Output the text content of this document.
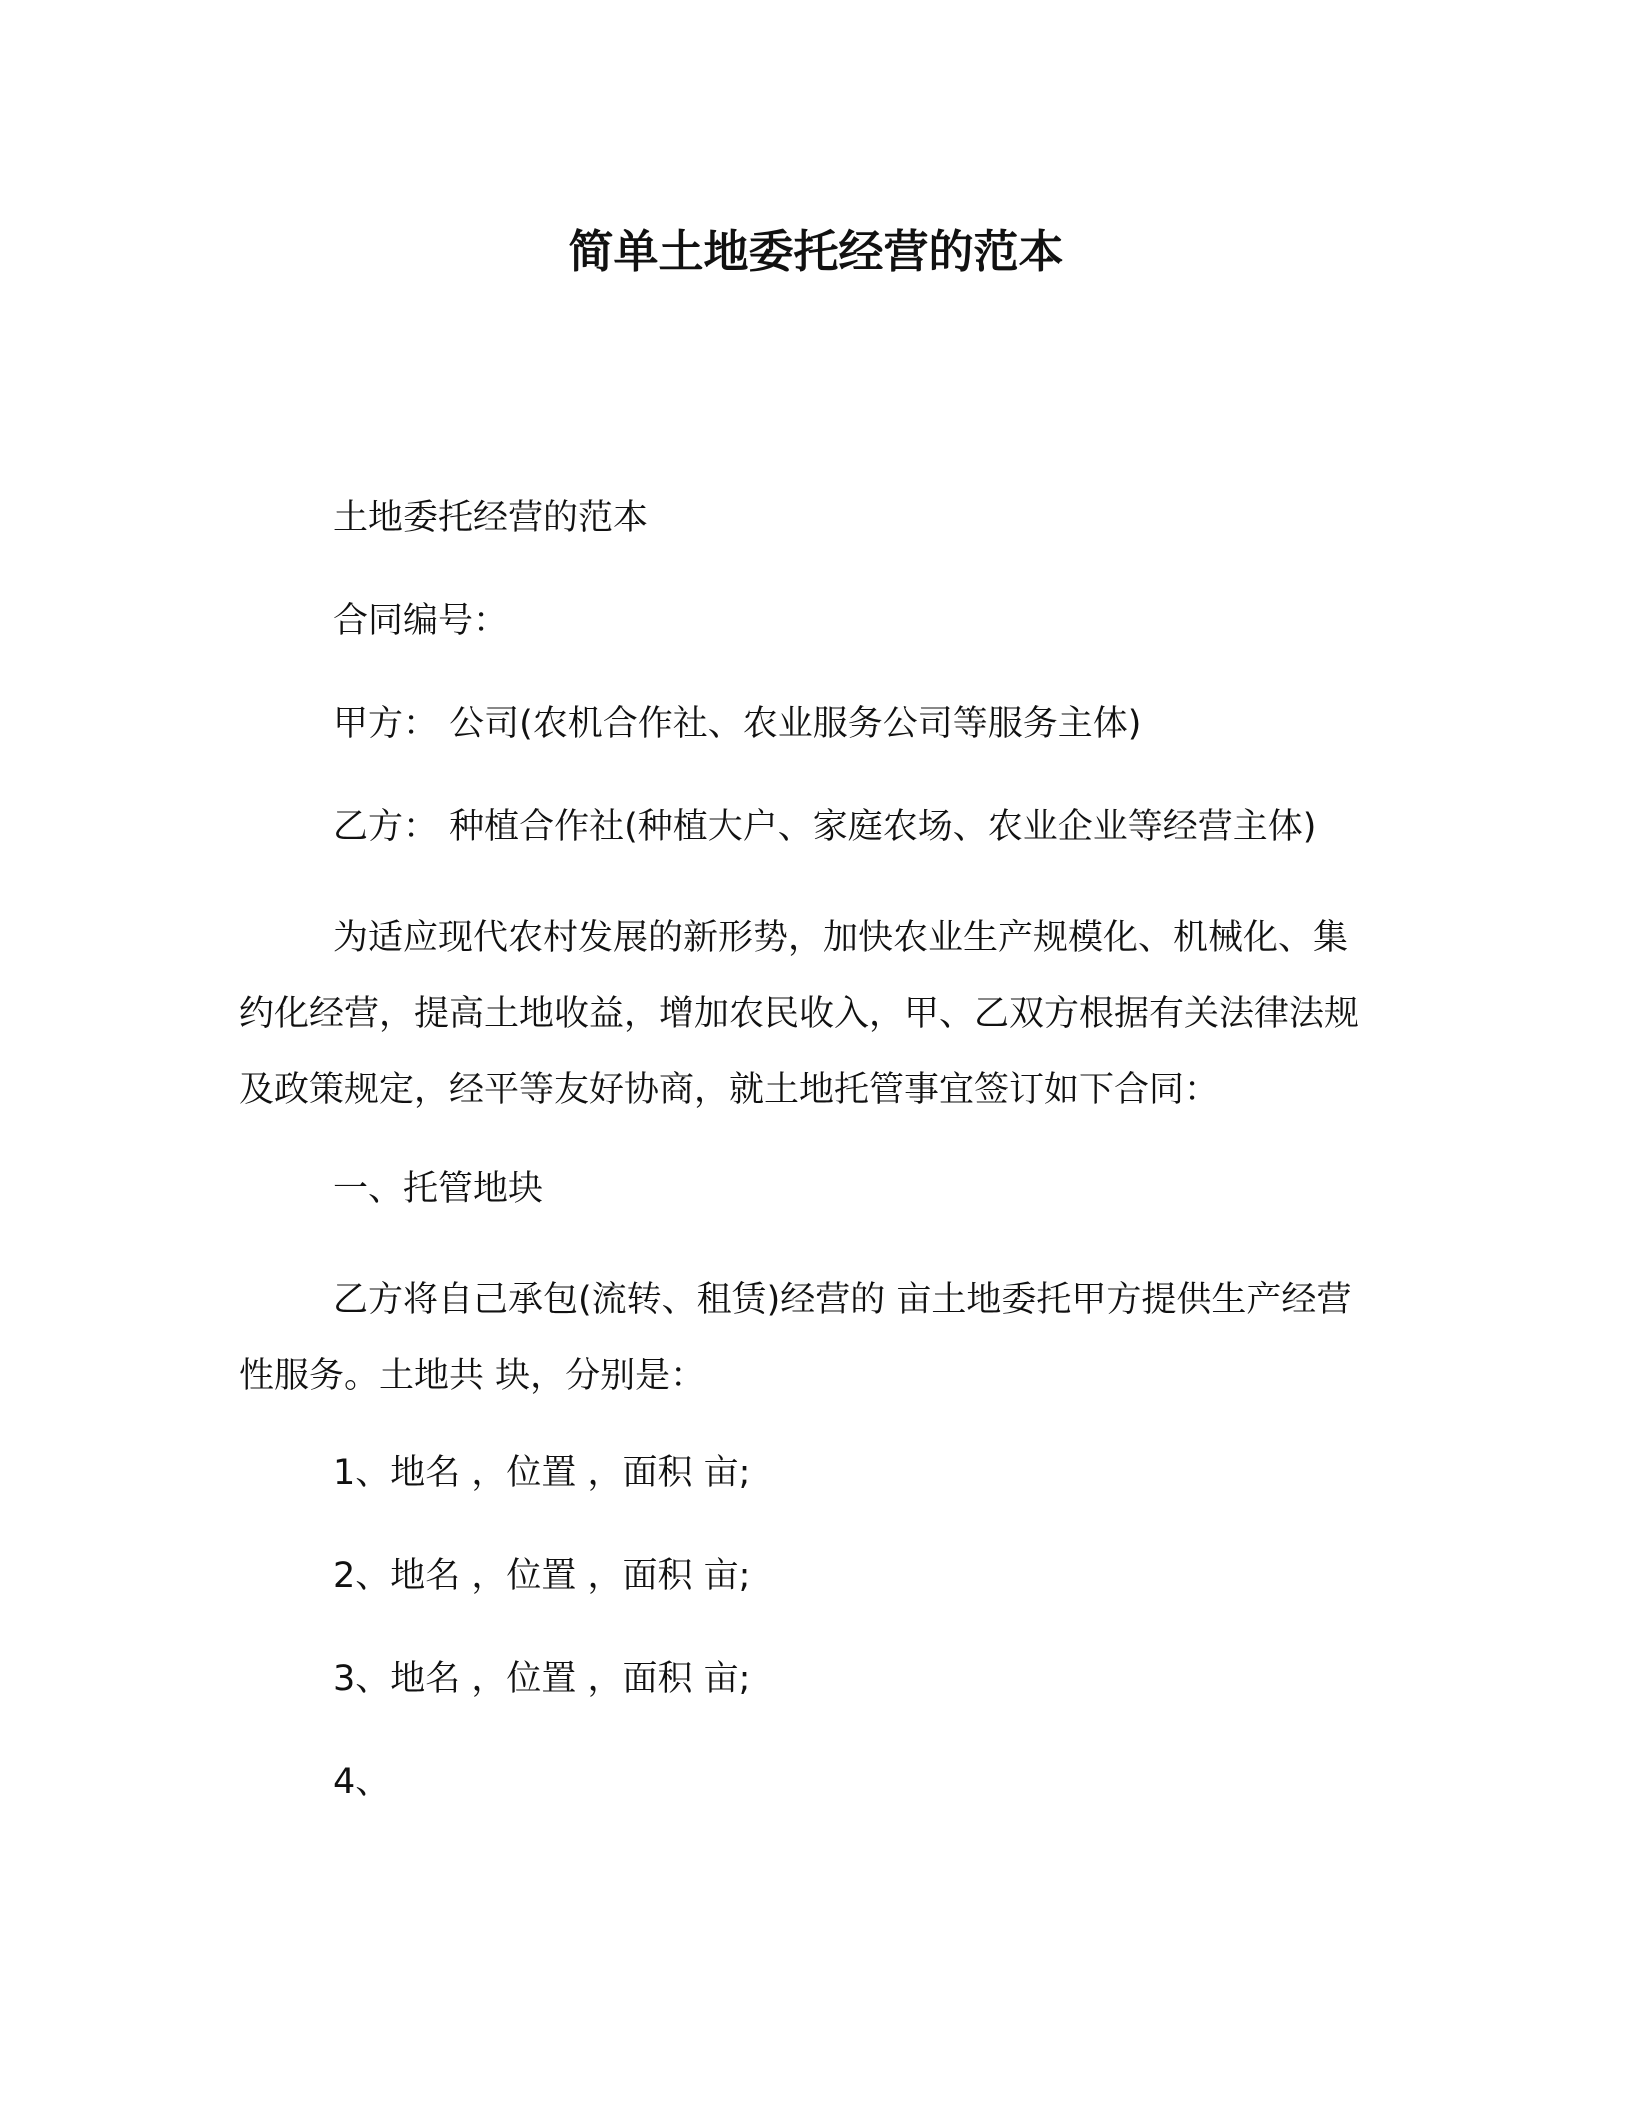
简单土地委托经营的范本

土地委托经营的范本

合同编号：

甲方： 公司(农机合作社、农业服务公司等服务主体)

乙方： 种植合作社(种植大户、家庭农场、农业企业等经营主体)

为适应现代农村发展的新形势，加快农业生产规模化、机械化、集约化经营，提高土地收益，增加农民收入，甲、乙双方根据有关法律法规及政策规定，经平等友好协商，就土地托管事宜签订如下合同：

一、托管地块

乙方将自己承包(流转、租赁)经营的 亩土地委托甲方提供生产经营性服务。土地共 块，分别是：

1、地名 ，位置 ，面积 亩;

2、地名 ，位置 ，面积 亩;

3、地名 ，位置 ，面积 亩;

4、
